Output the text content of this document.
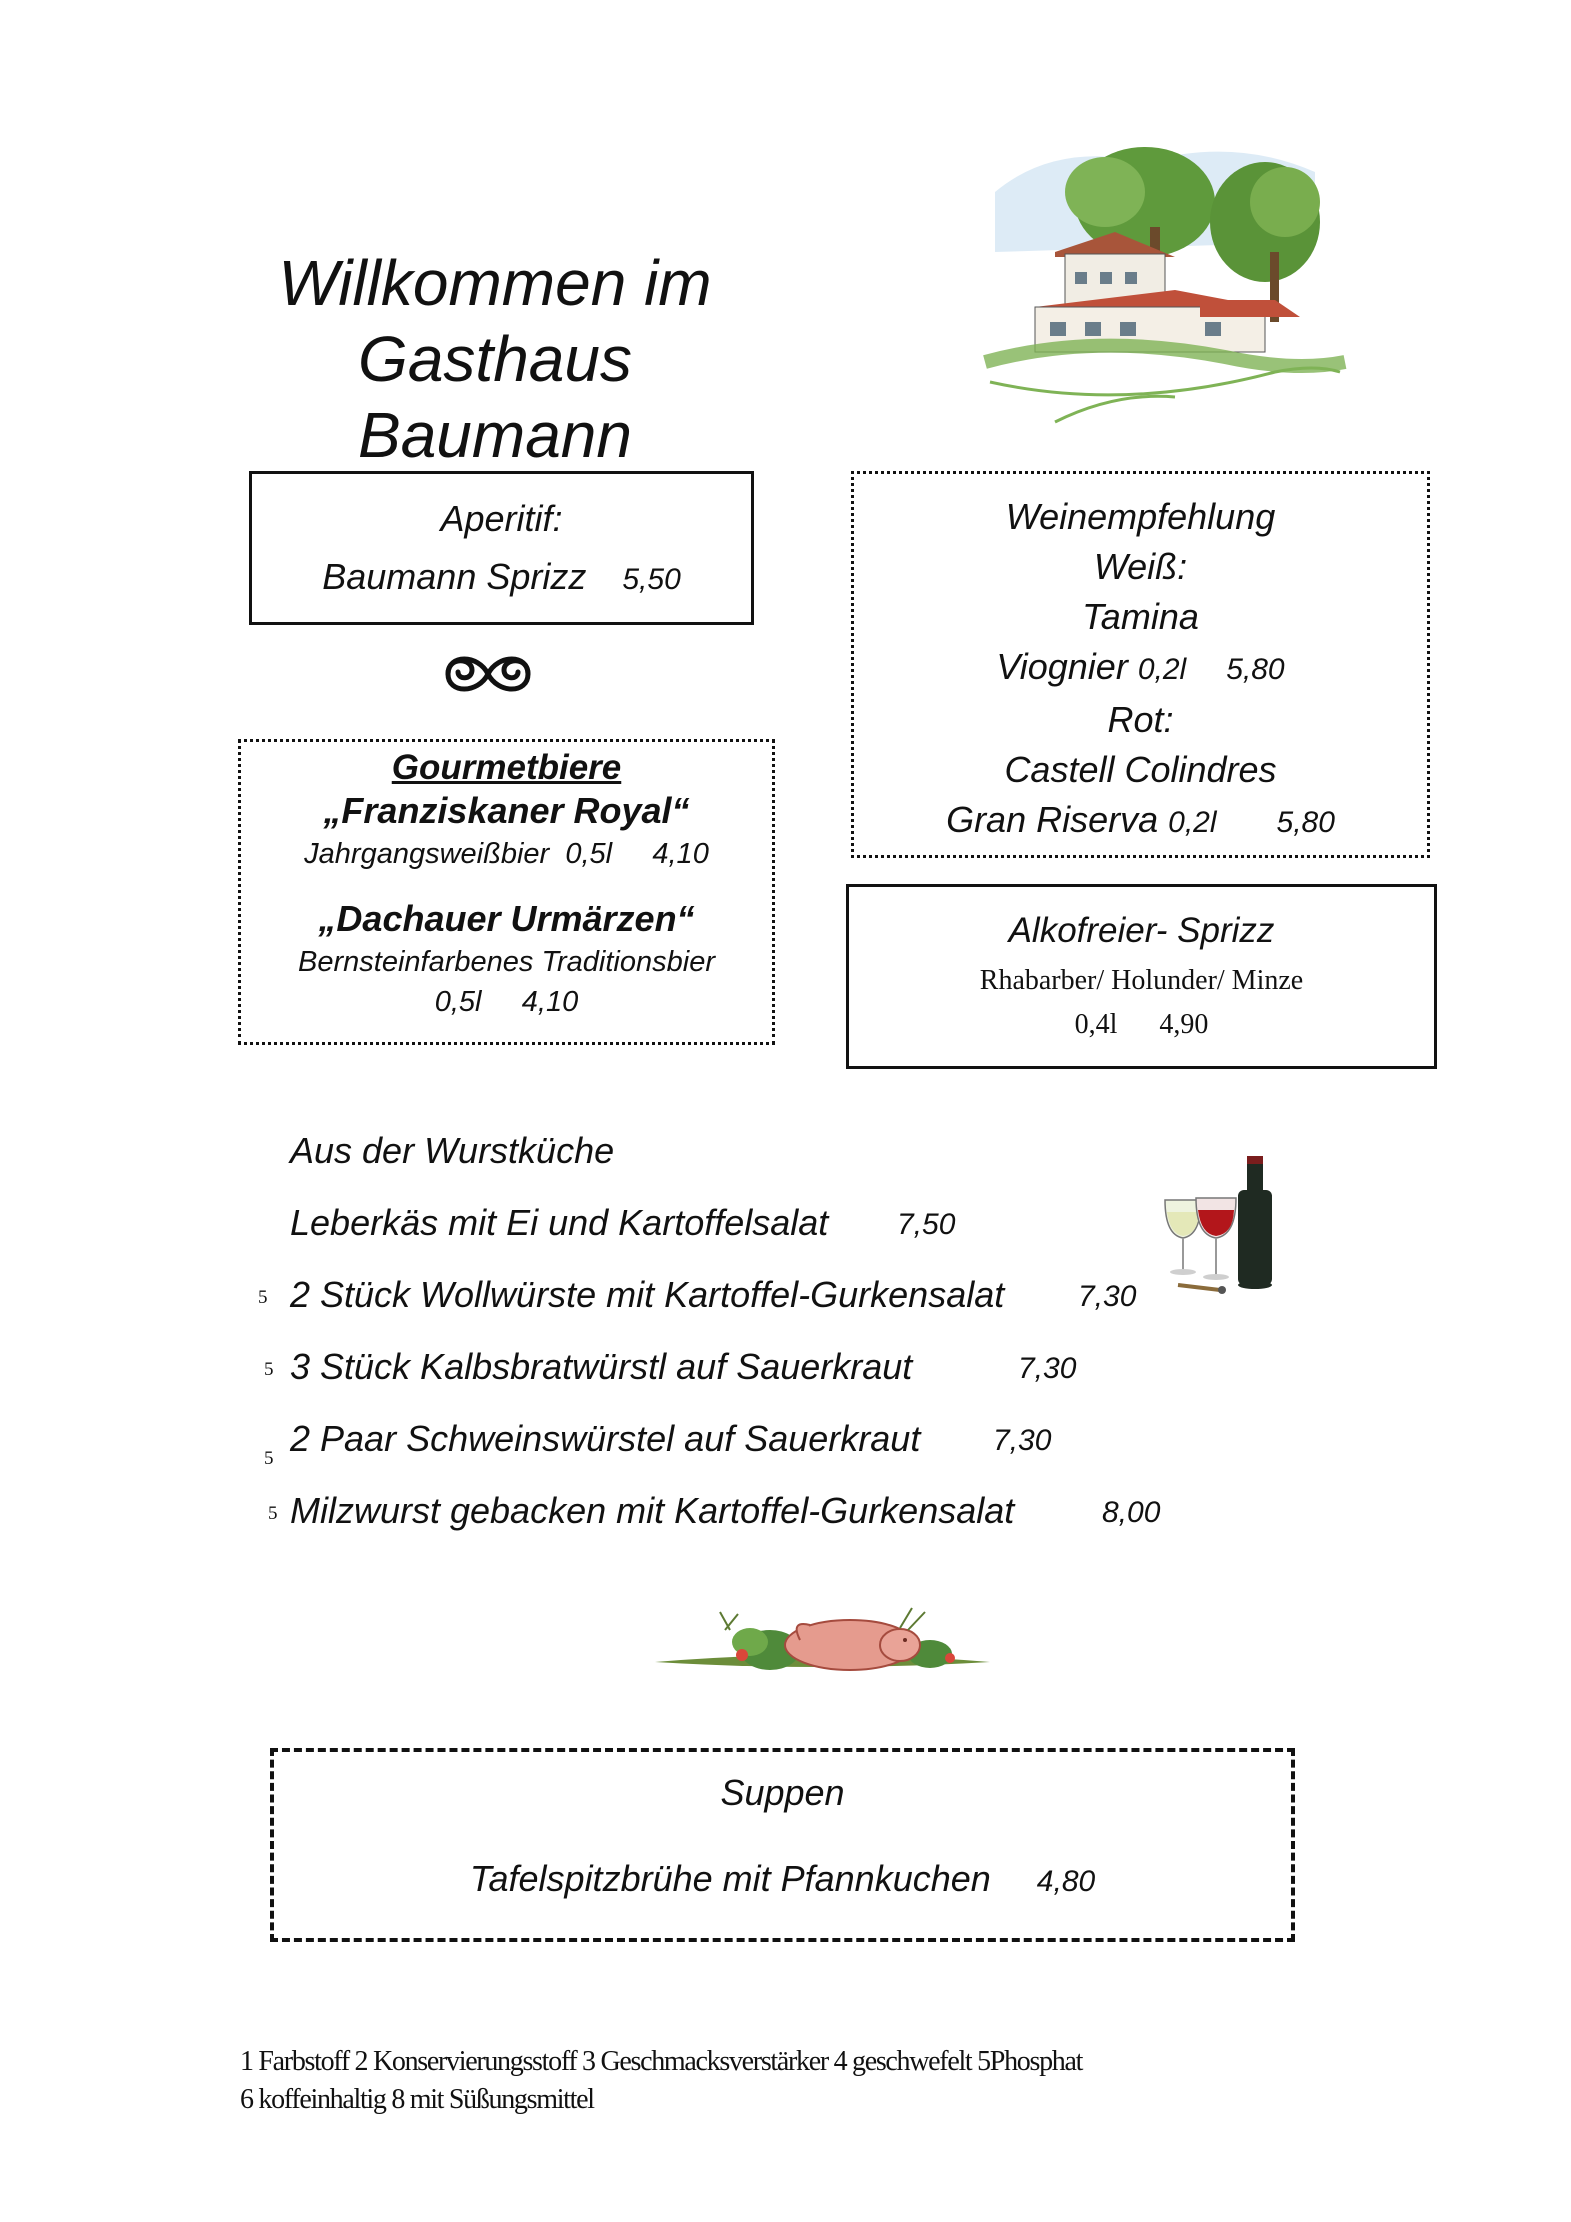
Willkommen im
Gasthaus Baumann
Aperitif:
Baumann Sprizz 5,50
Gourmetbiere
„Franziskaner Royal“
Jahrgangsweißbier 0,5l 4,10
„Dachauer Urmärzen“
Bernsteinfarbenes Traditionsbier
0,5l 4,10
Weinempfehlung
Weiß:
Tamina
Viognier 0,2l 5,80
Rot:
Castell Colindres
Gran Riserva 0,2l 5,80
Alkofreier- Sprizz
Rhabarber/ Holunder/ Minze
0,4l 4,90
Aus der Wurstküche
Leberkäs mit Ei und Kartoffelsalat 7,50
5 2 Stück Wollwürste mit Kartoffel-Gurkensalat 7,30
5 3 Stück Kalbsbratwürstl auf Sauerkraut	7,30
5 2 Paar Schweinswürstel auf Sauerkraut 7,30
5 Milzwurst gebacken mit Kartoffel-Gurkensalat	8,00
Suppen
Tafelspitzbrühe mit Pfannkuchen 4,80
1 Farbstoff 2 Konservierungsstoff 3 Geschmacksverstärker 4 geschwefelt 5Phosphat
6 koffeinhaltig 8 mit Süßungsmittel
